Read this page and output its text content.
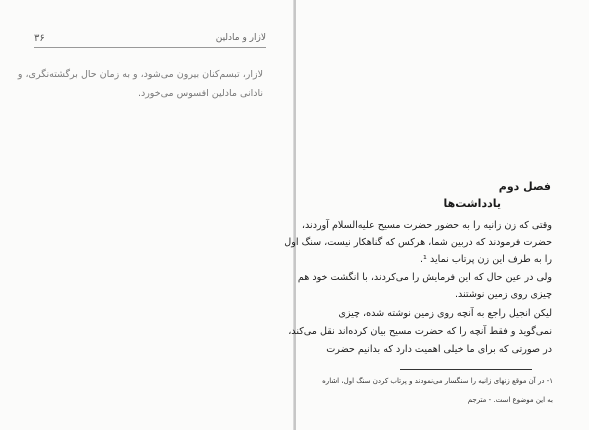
۳۶	لازار و مادلین
لازار، تبسم‌کنان بیرون می‌شود، و به زمان حال برگشته‌نگری، و
نادانی مادلین افسوس می‌خورد.
فصل دوم
یادداشت‌ها
وقتی که زن زانیه را به حضور حضرت مسیح علیه‌السلام آوردند،
حضرت فرمودند که دربین شما، هرکس که گناهکار نیست، سنگ اول
را به طرف این زن پرتاب نماید ¹.
ولی در عین حال که این فرمایش را می‌کردند، با انگشت خود هم
چیزی روی زمین نوشتند.
لیکن انجیل راجع به آنچه روی زمین نوشته شده، چیزی
نمی‌گوید و فقط آنچه را که حضرت مسیح بیان کرده‌اند نقل می‌کند،
در صورتی که برای ما خیلی اهمیت دارد که بدانیم حضرت
۱- در آن موقع زنهای زانیه را سنگسار می‌نمودند و پرتاب کردن سنگ اول، اشاره
به این موضوع است. - مترجم
